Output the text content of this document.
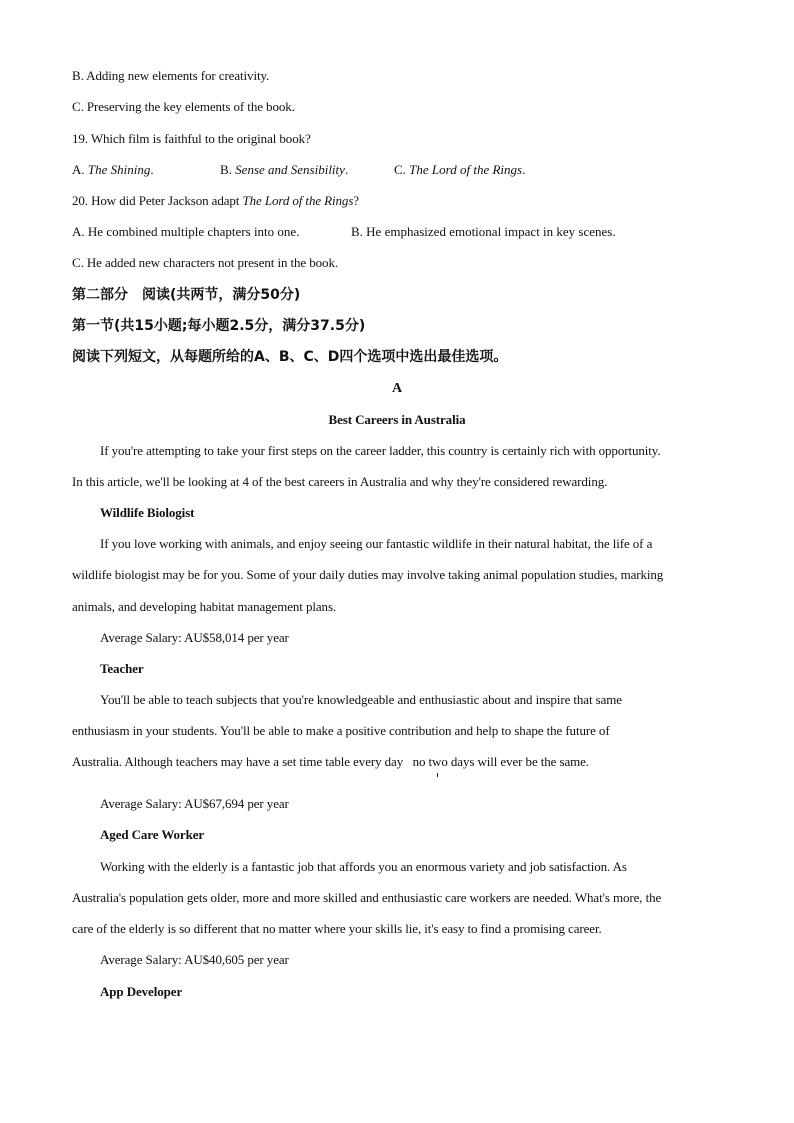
B. Adding new elements for creativity.
C. Preserving the key elements of the book.
19. Which film is faithful to the original book?
A. The Shining.	B. Sense and Sensibility.	C. The Lord of the Rings.
20. How did Peter Jackson adapt The Lord of the Rings?
A. He combined multiple chapters into one.	B. He emphasized emotional impact in key scenes.
C. He added new characters not present in the book.
第二部分　阅读(共两节，满分50分)
第一节(共15小题;每小题2.5分，满分37.5分)
阅读下列短文，从每题所给的A、B、C、D四个选项中选出最佳选项。
A
Best Careers in Australia
If you're attempting to take your first steps on the career ladder, this country is certainly rich with opportunity.
In this article, we'll be looking at 4 of the best careers in Australia and why they're considered rewarding.
Wildlife Biologist
If you love working with animals, and enjoy seeing our fantastic wildlife in their natural habitat, the life of a
wildlife biologist may be for you. Some of your daily duties may involve taking animal population studies, marking
animals, and developing habitat management plans.
Average Salary: AU$58,014 per year
Teacher
You'll be able to teach subjects that you're knowledgeable and enthusiastic about and inspire that same
enthusiasm in your students. You'll be able to make a positive contribution and help to shape the future of
Australia. Although teachers may have a set time table every day   no two days will ever be the same.
Average Salary: AU$67,694 per year
Aged Care Worker
Working with the elderly is a fantastic job that affords you an enormous variety and job satisfaction. As
Australia's population gets older, more and more skilled and enthusiastic care workers are needed. What's more, the
care of the elderly is so different that no matter where your skills lie, it's easy to find a promising career.
Average Salary: AU$40,605 per year
App Developer
